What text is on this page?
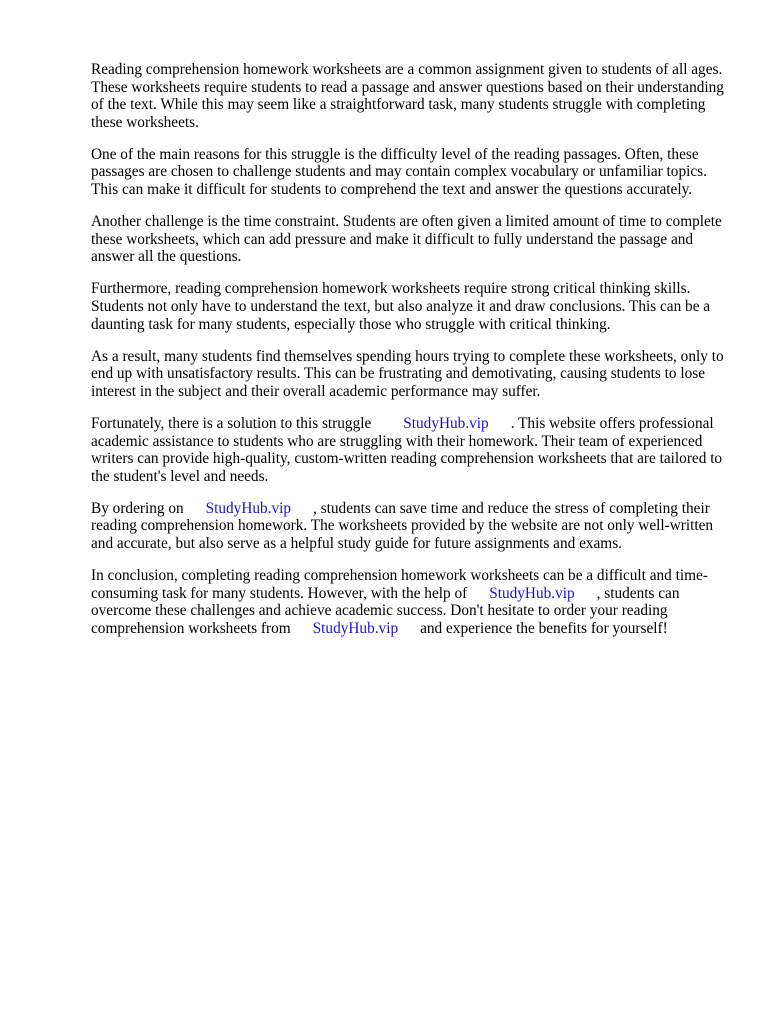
Reading comprehension homework worksheets are a common assignment given to students of all ages. These worksheets require students to read a passage and answer questions based on their understanding of the text. While this may seem like a straightforward task, many students struggle with completing these worksheets.

One of the main reasons for this struggle is the difficulty level of the reading passages. Often, these passages are chosen to challenge students and may contain complex vocabulary or unfamiliar topics. This can make it difficult for students to comprehend the text and answer the questions accurately.

Another challenge is the time constraint. Students are often given a limited amount of time to complete these worksheets, which can add pressure and make it difficult to fully understand the passage and answer all the questions.

Furthermore, reading comprehension homework worksheets require strong critical thinking skills. Students not only have to understand the text, but also analyze it and draw conclusions. This can be a daunting task for many students, especially those who struggle with critical thinking.

As a result, many students find themselves spending hours trying to complete these worksheets, only to end up with unsatisfactory results. This can be frustrating and demotivating, causing students to lose interest in the subject and their overall academic performance may suffer.

Fortunately, there is a solution to this struggle StudyHub.vip . This website offers professional academic assistance to students who are struggling with their homework. Their team of experienced writers can provide high-quality, custom-written reading comprehension worksheets that are tailored to the student's level and needs.

By ordering on StudyHub.vip , students can save time and reduce the stress of completing their reading comprehension homework. The worksheets provided by the website are not only well-written and accurate, but also serve as a helpful study guide for future assignments and exams.

In conclusion, completing reading comprehension homework worksheets can be a difficult and time-consuming task for many students. However, with the help of StudyHub.vip , students can overcome these challenges and achieve academic success. Don't hesitate to order your reading comprehension worksheets from StudyHub.vip and experience the benefits for yourself!
